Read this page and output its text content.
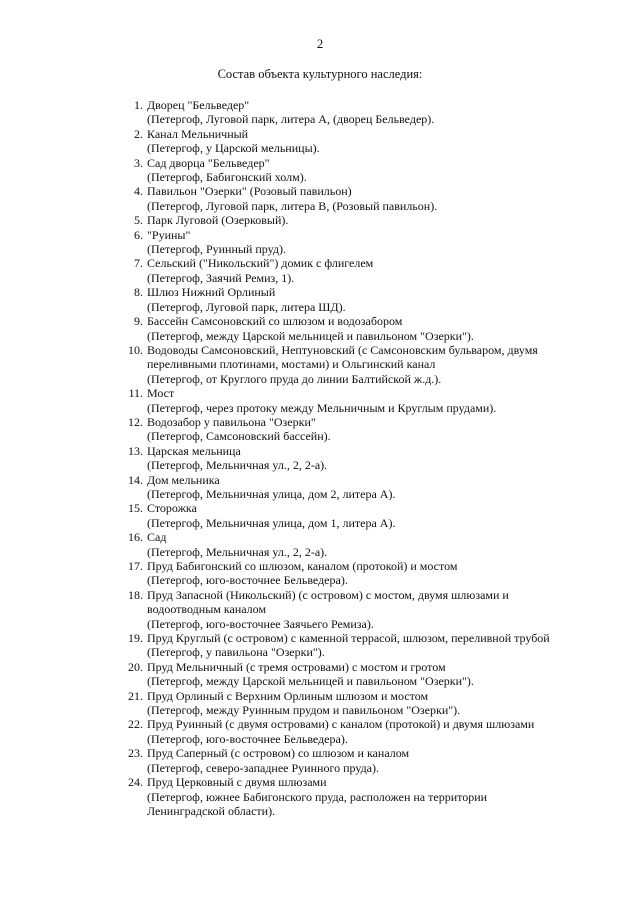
2
Состав объекта культурного наследия:
1. Дворец "Бельведер"
(Петергоф, Луговой парк, литера А, (дворец Бельведер).
2. Канал Мельничный
(Петергоф, у Царской мельницы).
3. Сад дворца "Бельведер"
(Петергоф, Бабигонский холм).
4. Павильон "Озерки" (Розовый павильон)
(Петергоф, Луговой парк, литера В, (Розовый павильон).
5. Парк Луговой (Озерковый).
6. "Руины"
(Петергоф, Руинный пруд).
7. Сельский ("Никольский") домик с флигелем
(Петергоф, Заячий Ремиз, 1).
8. Шлюз Нижний Орлиный
(Петергоф, Луговой парк, литера ШД).
9. Бассейн Самсоновский со шлюзом и водозабором
(Петергоф, между Царской мельницей и павильоном "Озерки").
10. Водоводы Самсоновский, Нептуновский (с Самсоновским бульваром, двумя
переливными плотинами, мостами) и Ольгинский канал
(Петергоф, от Круглого пруда до линии Балтийской ж.д.).
11. Мост
(Петергоф, через протоку между Мельничным и Круглым прудами).
12. Водозабор у павильона "Озерки"
(Петергоф, Самсоновский бассейн).
13. Царская мельница
(Петергоф, Мельничная ул., 2, 2-а).
14. Дом мельника
(Петергоф, Мельничная улица, дом 2, литера А).
15. Сторожка
(Петергоф, Мельничная улица, дом 1, литера А).
16. Сад
(Петергоф, Мельничная ул., 2, 2-а).
17. Пруд Бабигонский со шлюзом, каналом (протокой) и мостом
(Петергоф, юго-восточнее Бельведера).
18. Пруд Запасной (Никольский) (с островом) с мостом, двумя шлюзами и
водоотводным каналом
(Петергоф, юго-восточнее Заячьего Ремиза).
19. Пруд Круглый (с островом) с каменной террасой, шлюзом, переливной трубой
(Петергоф, у павильона "Озерки").
20. Пруд Мельничный (с тремя островами) с мостом и гротом
(Петергоф, между Царской мельницей и павильоном "Озерки").
21. Пруд Орлиный с Верхним Орлиным шлюзом и мостом
(Петергоф, между Руинным прудом и павильоном "Озерки").
22. Пруд Руинный (с двумя островами) с каналом (протокой) и двумя шлюзами
(Петергоф, юго-восточнее Бельведера).
23. Пруд Саперный (с островом) со шлюзом и каналом
(Петергоф, северо-западнее Руинного пруда).
24. Пруд Церковный с двумя шлюзами
(Петергоф, южнее Бабигонского пруда, расположен на территории
Ленинградской области).
